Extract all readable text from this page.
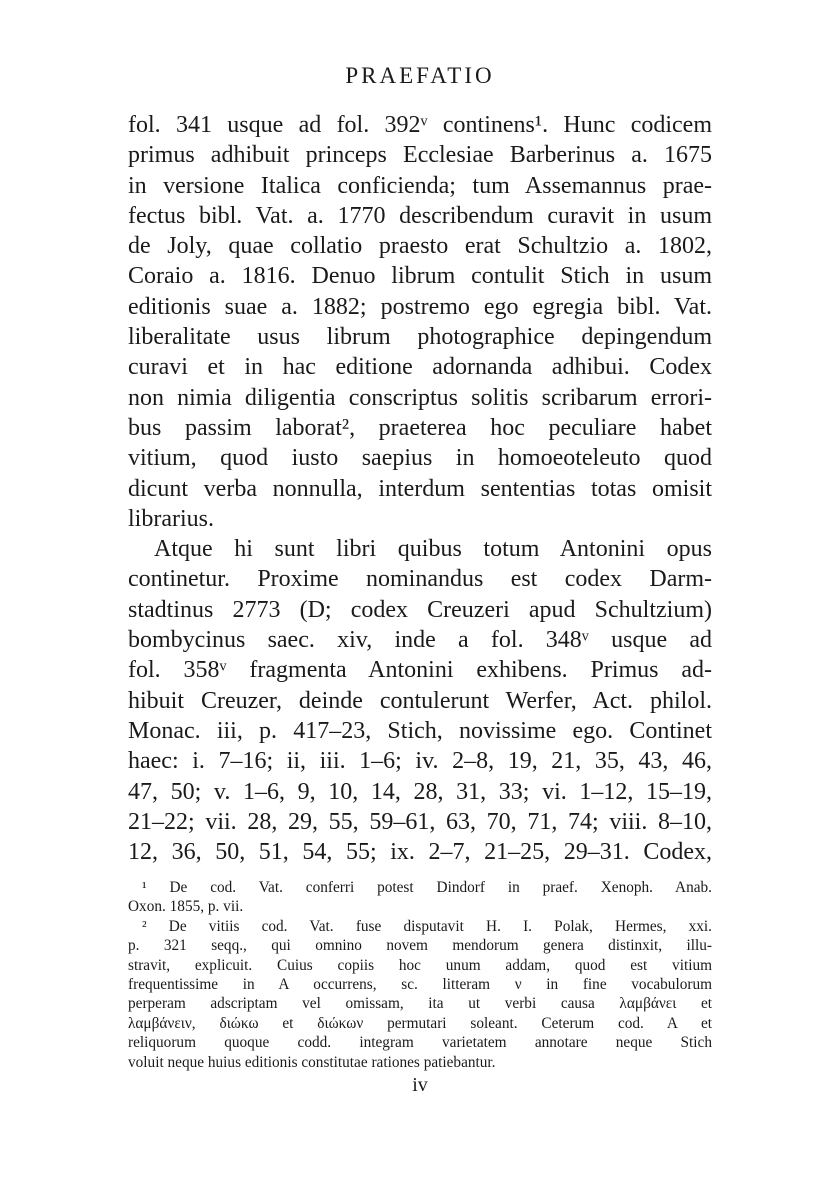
PRAEFATIO
fol. 341 usque ad fol. 392ᵛ continens¹. Hunc codicem
primus adhibuit princeps Ecclesiae Barberinus a. 1675
in versione Italica conficienda; tum Assemannus prae-
fectus bibl. Vat. a. 1770 describendum curavit in usum
de Joly, quae collatio praesto erat Schultzio a. 1802,
Coraio a. 1816. Denuo librum contulit Stich in usum
editionis suae a. 1882; postremo ego egregia bibl. Vat.
liberalitate usus librum photographice depingendum
curavi et in hac editione adornanda adhibui. Codex
non nimia diligentia conscriptus solitis scribarum errori-
bus passim laborat², praeterea hoc peculiare habet
vitium, quod iusto saepius in homoeoteleuto quod
dicunt verba nonnulla, interdum sententias totas omisit
librarius.
Atque hi sunt libri quibus totum Antonini opus
continetur. Proxime nominandus est codex Darm-
stadtinus 2773 (D; codex Creuzeri apud Schultzium)
bombycinus saec. xiv, inde a fol. 348ᵛ usque ad
fol. 358ᵛ fragmenta Antonini exhibens. Primus ad-
hibuit Creuzer, deinde contulerunt Werfer, Act. philol.
Monac. iii, p. 417–23, Stich, novissime ego. Continet
haec: i. 7–16; ii, iii. 1–6; iv. 2–8, 19, 21, 35, 43, 46,
47, 50; v. 1–6, 9, 10, 14, 28, 31, 33; vi. 1–12, 15–19,
21–22; vii. 28, 29, 55, 59–61, 63, 70, 71, 74; viii. 8–10,
12, 36, 50, 51, 54, 55; ix. 2–7, 21–25, 29–31. Codex,
¹ De cod. Vat. conferri potest Dindorf in praef. Xenoph. Anab.
Oxon. 1855, p. vii.
² De vitiis cod. Vat. fuse disputavit H. I. Polak, Hermes, xxi.
p. 321 seqq., qui omnino novem mendorum genera distinxit, illu-
stravit, explicuit. Cuius copiis hoc unum addam, quod est vitium
frequentissime in A occurrens, sc. litteram ν in fine vocabulorum
perperam adscriptam vel omissam, ita ut verbi causa λαμβάνει et
λαμβάνειν, διώκω et διώκων permutari soleant. Ceterum cod. A et
reliquorum quoque codd. integram varietatem annotare neque Stich
voluit neque huius editionis constitutae rationes patiebantur.
iv
